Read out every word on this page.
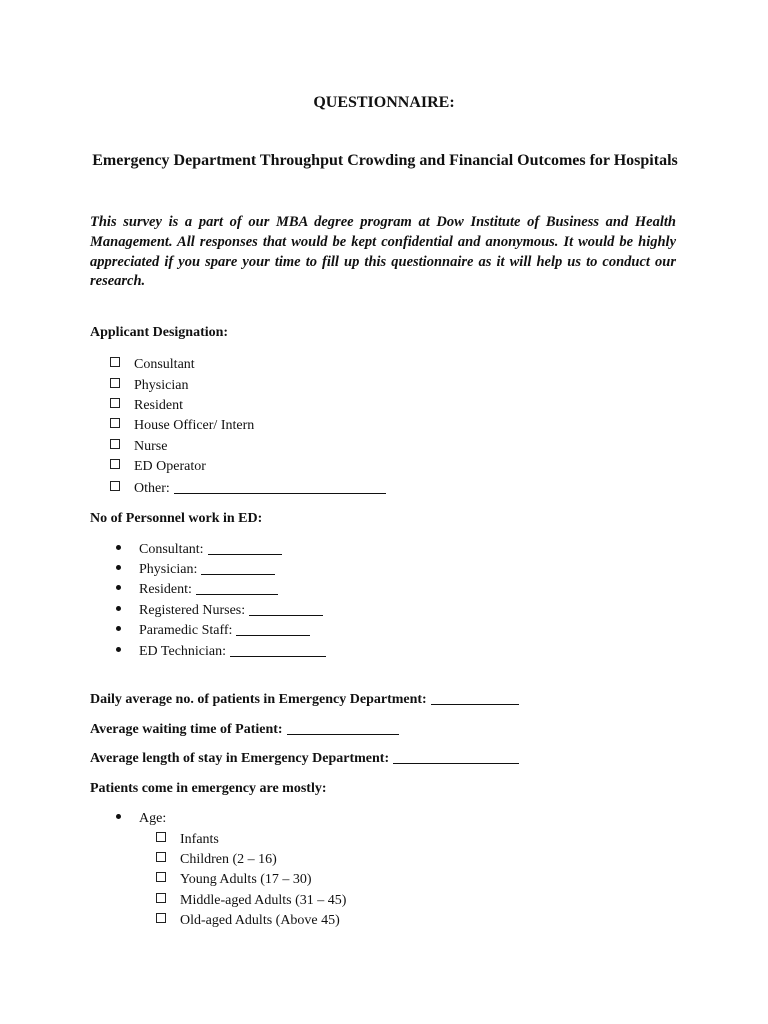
QUESTIONNAIRE:
Emergency Department Throughput Crowding and Financial Outcomes for Hospitals
This survey is a part of our MBA degree program at Dow Institute of Business and Health Management. All responses that would be kept confidential and anonymous. It would be highly appreciated if you spare your time to fill up this questionnaire as it will help us to conduct our research.
Applicant Designation:
Consultant
Physician
Resident
House Officer/ Intern
Nurse
ED Operator
Other:
No of Personnel work in ED:
Consultant:
Physician:
Resident:
Registered Nurses:
Paramedic Staff:
ED Technician:
Daily average no. of patients in Emergency Department:
Average waiting time of Patient:
Average length of stay in Emergency Department:
Patients come in emergency are mostly:
Age:
Infants
Children (2 – 16)
Young Adults (17 – 30)
Middle-aged Adults (31 – 45)
Old-aged Adults (Above 45)
